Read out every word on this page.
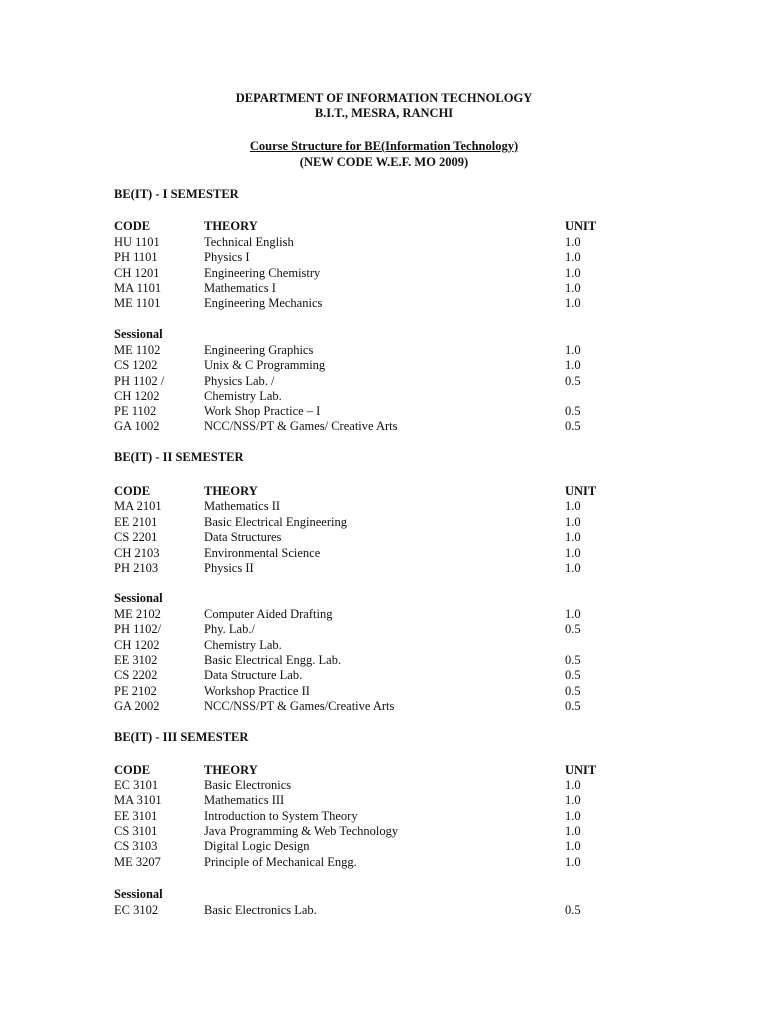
DEPARTMENT OF INFORMATION TECHNOLOGY
B.I.T., MESRA, RANCHI
Course Structure for BE(Information Technology)
(NEW CODE W.E.F. MO 2009)
BE(IT) - I SEMESTER
CODE	THEORY	UNIT
HU 1101	Technical English	1.0
PH 1101	Physics I	1.0
CH 1201	Engineering Chemistry	1.0
MA 1101	Mathematics I	1.0
ME 1101	Engineering Mechanics	1.0
Sessional
ME 1102	Engineering Graphics	1.0
CS 1202	Unix & C Programming	1.0
PH 1102 /	Physics Lab. /	0.5
CH 1202	Chemistry Lab.
PE 1102	Work Shop Practice – I	0.5
GA 1002	NCC/NSS/PT & Games/ Creative Arts	0.5
BE(IT) - II SEMESTER
CODE	THEORY	UNIT
MA 2101	Mathematics II	1.0
EE 2101	Basic Electrical Engineering	1.0
CS 2201	Data Structures	1.0
CH 2103	Environmental Science	1.0
PH 2103	Physics II	1.0
Sessional
ME 2102	Computer Aided Drafting	1.0
PH 1102/	Phy. Lab./	0.5
CH 1202	Chemistry Lab.
EE 3102	Basic Electrical Engg. Lab.	0.5
CS 2202	Data Structure Lab.	0.5
PE 2102	Workshop Practice II	0.5
GA 2002	NCC/NSS/PT & Games/Creative Arts	0.5
BE(IT) - III SEMESTER
CODE	THEORY	UNIT
EC 3101	Basic Electronics	1.0
MA 3101	Mathematics III	1.0
EE 3101	Introduction to System Theory	1.0
CS 3101	Java Programming & Web Technology	1.0
CS 3103	Digital Logic Design	1.0
ME 3207	Principle of Mechanical Engg.	1.0
Sessional
EC 3102	Basic Electronics Lab.	0.5
